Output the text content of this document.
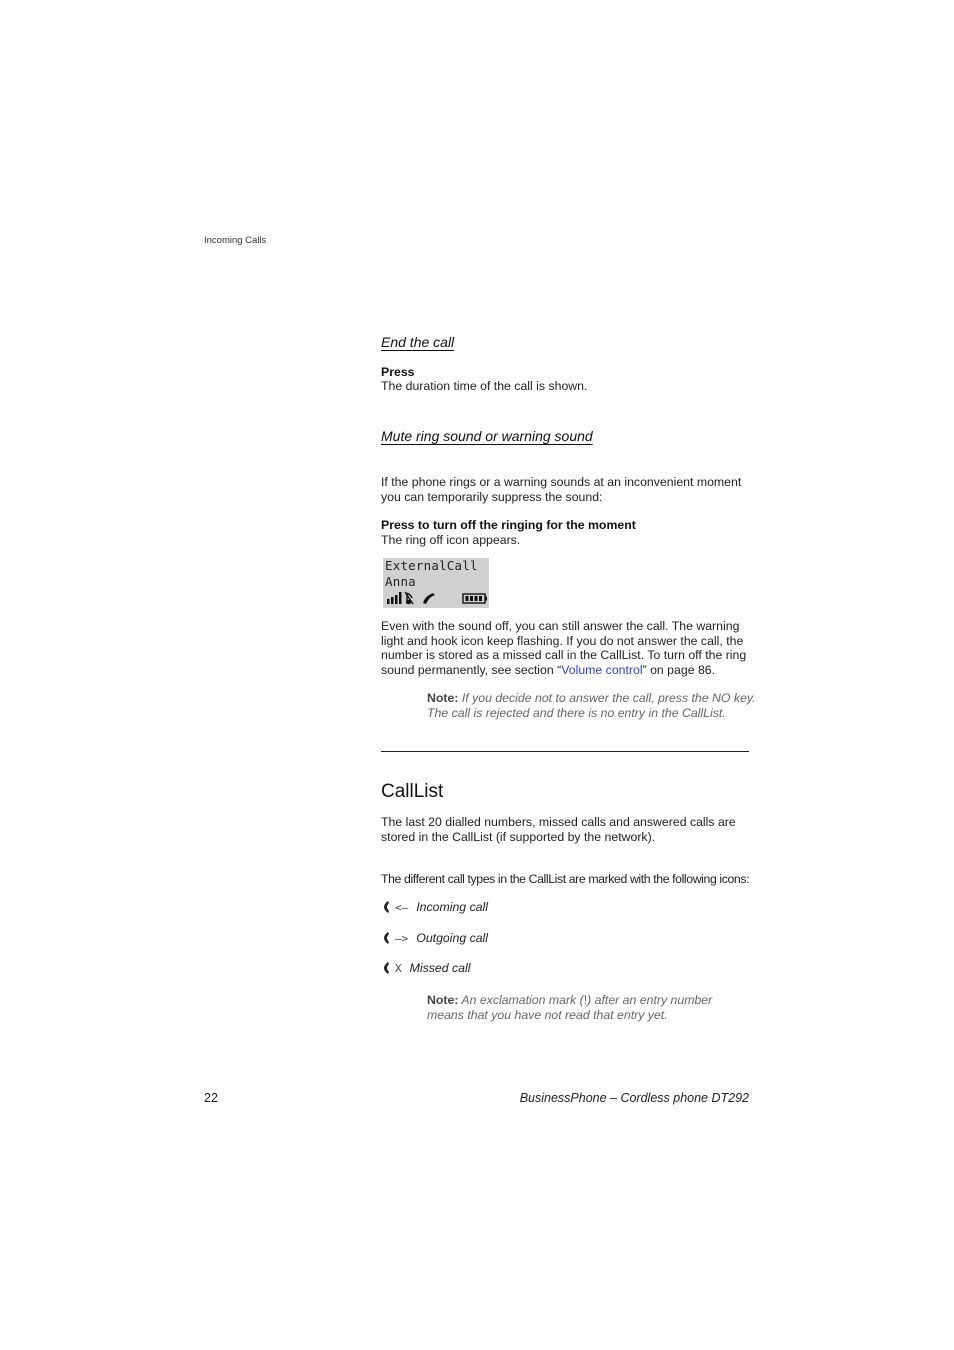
Incoming Calls
End the call
Press
The duration time of the call is shown.
Mute ring sound or warning sound
If the phone rings or a warning sounds at an inconvenient moment you can temporarily suppress the sound:
Press to turn off the ringing for the moment
The ring off icon appears.
ExternalCall
Anna
Even with the sound off, you can still answer the call. The warning light and hook icon keep flashing. If you do not answer the call, the number is stored as a missed call in the CallList. To turn off the ring sound permanently, see section “Volume control” on page 86.
Note: If you decide not to answer the call, press the NO key. The call is rejected and there is no entry in the CallList.
CallList
The last 20 dialled numbers, missed calls and answered calls are stored in the CallList (if supported by the network).
The different call types in the CallList are marked with the following icons:
<– Incoming call
–> Outgoing call
X Missed call
Note: An exclamation mark (!) after an entry number means that you have not read that entry yet.
22	BusinessPhone – Cordless phone DT292
